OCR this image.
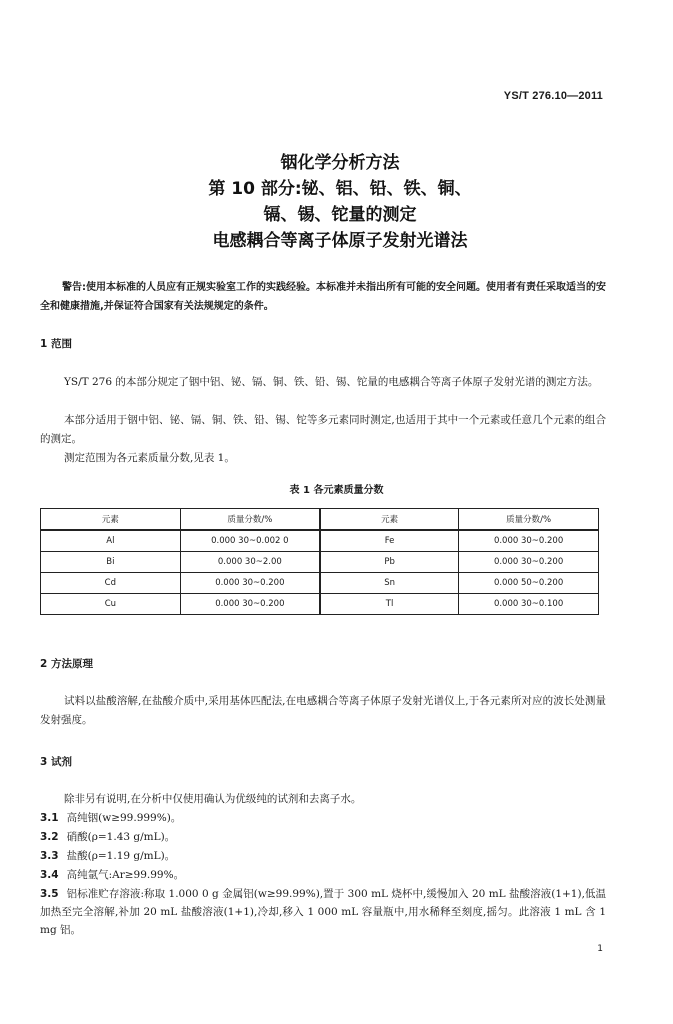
YS/T 276.10—2011
铟化学分析方法
第 10 部分:铋、铝、铅、铁、铜、
镉、锡、铊量的测定
电感耦合等离子体原子发射光谱法
警告:使用本标准的人员应有正规实验室工作的实践经验。本标准并未指出所有可能的安全问题。使用者有责任采取适当的安全和健康措施,并保证符合国家有关法规规定的条件。
1 范围
YS/T 276 的本部分规定了铟中铝、铋、镉、铜、铁、铅、锡、铊量的电感耦合等离子体原子发射光谱的测定方法。
本部分适用于铟中铝、铋、镉、铜、铁、铅、锡、铊等多元素同时测定,也适用于其中一个元素或任意几个元素的组合的测定。
测定范围为各元素质量分数,见表 1。
表 1 各元素质量分数
元素	质量分数/%	元素	质量分数/%
Al	0.000 30~0.002 0	Fe	0.000 30~0.200
Bi	0.000 30~2.00	Pb	0.000 30~0.200
Cd	0.000 30~0.200	Sn	0.000 50~0.200
Cu	0.000 30~0.200	Tl	0.000 30~0.100
2 方法原理
试料以盐酸溶解,在盐酸介质中,采用基体匹配法,在电感耦合等离子体原子发射光谱仪上,于各元素所对应的波长处测量发射强度。
3 试剂
除非另有说明,在分析中仅使用确认为优级纯的试剂和去离子水。
3.1 高纯铟(w≥99.999%)。
3.2 硝酸(ρ=1.43 g/mL)。
3.3 盐酸(ρ=1.19 g/mL)。
3.4 高纯氩气:Ar≥99.99%。
3.5 铝标准贮存溶液:称取 1.000 0 g 金属铝(w≥99.99%),置于 300 mL 烧杯中,缓慢加入 20 mL 盐酸溶液(1+1),低温加热至完全溶解,补加 20 mL 盐酸溶液(1+1),冷却,移入 1 000 mL 容量瓶中,用水稀释至刻度,摇匀。此溶液 1 mL 含 1 mg 铝。
1
